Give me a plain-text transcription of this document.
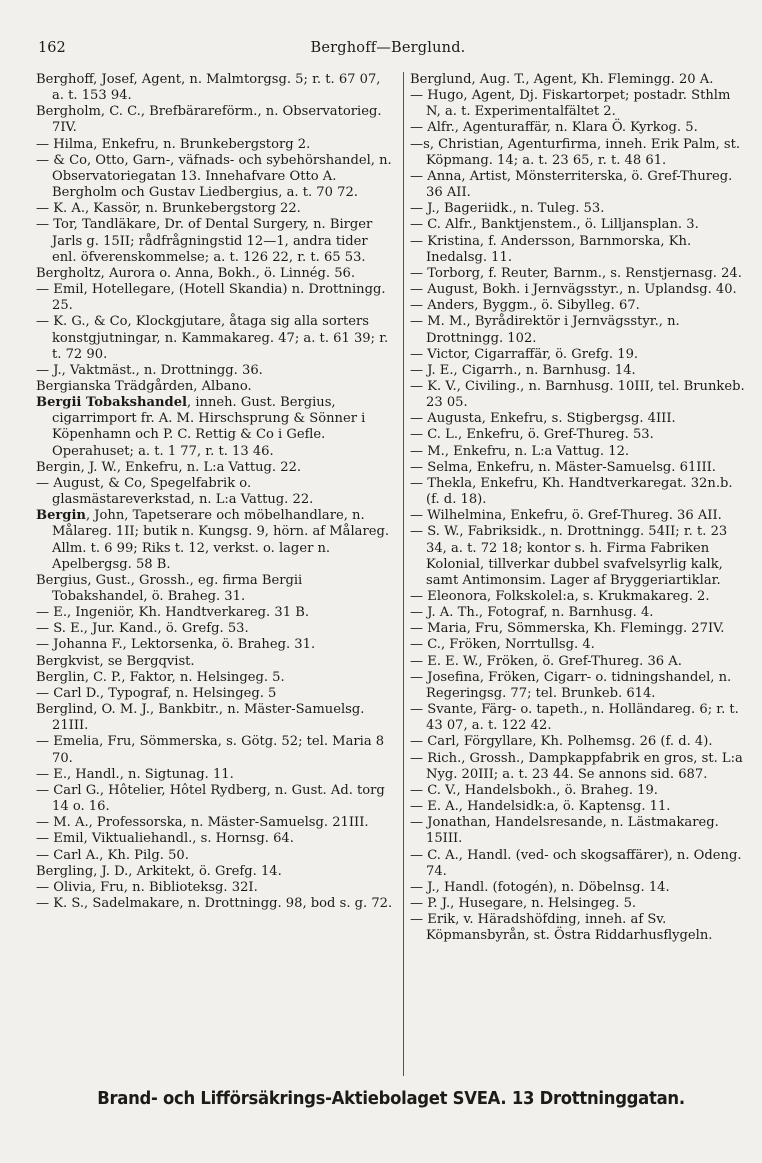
162	Berghoff—Berglund.
Berghoff, Josef, Agent, n. Malmtorgsg. 5; r. t. 67 07, a. t. 153 94.
Bergholm, C. C., Brefbärareförm., n. Observatorieg. 7IV.
— Hilma, Enkefru, n. Brunkebergstorg 2.
— & Co, Otto, Garn-, väfnads- och sybehörshandel, n. Observatoriegatan 13. Innehafvare Otto A. Bergholm och Gustav Liedbergius, a. t. 70 72.
— K. A., Kassör, n. Brunkebergstorg 22.
— Tor, Tandläkare, Dr. of Dental Surgery, n. Birger Jarls g. 15II; rådfrågningstid 12—1, andra tider enl. öfverenskommelse; a. t. 126 22, r. t. 65 53.
Bergholtz, Aurora o. Anna, Bokh., ö. Linnég. 56.
— Emil, Hotellegare, (Hotell Skandia) n. Drottningg. 25.
— K. G., & Co, Klockgjutare, åtaga sig alla sorters konstgjutningar, n. Kammakareg. 47; a. t. 61 39; r. t. 72 90.
— J., Vaktmäst., n. Drottningg. 36.
Bergianska Trädgården, Albano.
Bergii Tobakshandel, inneh. Gust. Bergius, cigarrimport fr. A. M. Hirschsprung & Sönner i Köpenhamn och P. C. Rettig & Co i Gefle. Operahuset; a. t. 1 77, r. t. 13 46.
Bergin, J. W., Enkefru, n. L:a Vattug. 22.
— August, & Co, Spegelfabrik o. glasmästareverkstad, n. L:a Vattug. 22.
Bergin, John, Tapetserare och möbelhandlare, n. Målareg. 1II; butik n. Kungsg. 9, hörn. af Målareg. Allm. t. 6 99; Riks t. 12, verkst. o. lager n. Apelbergsg. 58 B.
Bergius, Gust., Grossh., eg. firma Bergii Tobakshandel, ö. Braheg. 31.
— E., Ingeniör, Kh. Handtverkareg. 31 B.
— S. E., Jur. Kand., ö. Grefg. 53.
— Johanna F., Lektorsenka, ö. Braheg. 31.
Bergkvist, se Bergqvist.
Berglin, C. P., Faktor, n. Helsingeg. 5.
— Carl D., Typograf, n. Helsingeg. 5
Berglind, O. M. J., Bankbitr., n. Mäster-Samuelsg. 21III.
— Emelia, Fru, Sömmerska, s. Götg. 52; tel. Maria 8 70.
— E., Handl., n. Sigtunag. 11.
— Carl G., Hôtelier, Hôtel Rydberg, n. Gust. Ad. torg 14 o. 16.
— M. A., Professorska, n. Mäster-Samuelsg. 21III.
— Emil, Viktualiehandl., s. Hornsg. 64.
— Carl A., Kh. Pilg. 50.
Bergling, J. D., Arkitekt, ö. Grefg. 14.
— Olivia, Fru, n. Biblioteksg. 32I.
— K. S., Sadelmakare, n. Drottningg. 98, bod s. g. 72.
Berglund, Aug. T., Agent, Kh. Flemingg. 20 A.
— Hugo, Agent, Dj. Fiskartorpet; postadr. Sthlm N, a. t. Experimentalfältet 2.
— Alfr., Agenturaffär, n. Klara Ö. Kyrkog. 5.
—s, Christian, Agenturfirma, inneh. Erik Palm, st. Köpmang. 14; a. t. 23 65, r. t. 48 61.
— Anna, Artist, Mönsterriterska, ö. Gref-Thureg. 36 AII.
— J., Bageriidk., n. Tuleg. 53.
— C. Alfr., Banktjenstem., ö. Lilljansplan. 3.
— Kristina, f. Andersson, Barnmorska, Kh. Inedalsg. 11.
— Torborg, f. Reuter, Barnm., s. Renstjernasg. 24.
— August, Bokh. i Jernvägsstyr., n. Uplandsg. 40.
— Anders, Byggm., ö. Sibylleg. 67.
— M. M., Byrådirektör i Jernvägsstyr., n. Drottningg. 102.
— Victor, Cigarraffär, ö. Grefg. 19.
— J. E., Cigarrh., n. Barnhusg. 14.
— K. V., Civiling., n. Barnhusg. 10III, tel. Brunkeb. 23 05.
— Augusta, Enkefru, s. Stigbergsg. 4III.
— C. L., Enkefru, ö. Gref-Thureg. 53.
— M., Enkefru, n. L:a Vattug. 12.
— Selma, Enkefru, n. Mäster-Samuelsg. 61III.
— Thekla, Enkefru, Kh. Handtverkaregat. 32n.b. (f. d. 18).
— Wilhelmina, Enkefru, ö. Gref-Thureg. 36 AII.
— S. W., Fabriksidk., n. Drottningg. 54II; r. t. 23 34, a. t. 72 18; kontor s. h. Firma Fabriken Kolonial, tillverkar dubbel svafvelsyrlig kalk, samt Antimonsim. Lager af Bryggeriartiklar.
— Eleonora, Folkskolel:a, s. Krukmakareg. 2.
— J. A. Th., Fotograf, n. Barnhusg. 4.
— Maria, Fru, Sömmerska, Kh. Flemingg. 27IV.
— C., Fröken, Norrtullsg. 4.
— E. E. W., Fröken, ö. Gref-Thureg. 36 A.
— Josefina, Fröken, Cigarr- o. tidningshandel, n. Regeringsg. 77; tel. Brunkeb. 614.
— Svante, Färg- o. tapeth., n. Holländareg. 6; r. t. 43 07, a. t. 122 42.
— Carl, Förgyllare, Kh. Polhemsg. 26 (f. d. 4).
— Rich., Grossh., Dampkappfabrik en gros, st. L:a Nyg. 20III; a. t. 23 44. Se annons sid. 687.
— C. V., Handelsbokh., ö. Braheg. 19.
— E. A., Handelsidk:a, ö. Kaptensg. 11.
— Jonathan, Handelsresande, n. Lästmakareg. 15III.
— C. A., Handl. (ved- och skogsaffärer), n. Odeng. 74.
— J., Handl. (fotogén), n. Döbelnsg. 14.
— P. J., Husegare, n. Helsingeg. 5.
— Erik, v. Häradshöfding, inneh. af Sv. Köpmansbyrån, st. Östra Riddarhusflygeln.
Brand- och Lifförsäkrings-Aktiebolaget SVEA. 13 Drottninggatan.
